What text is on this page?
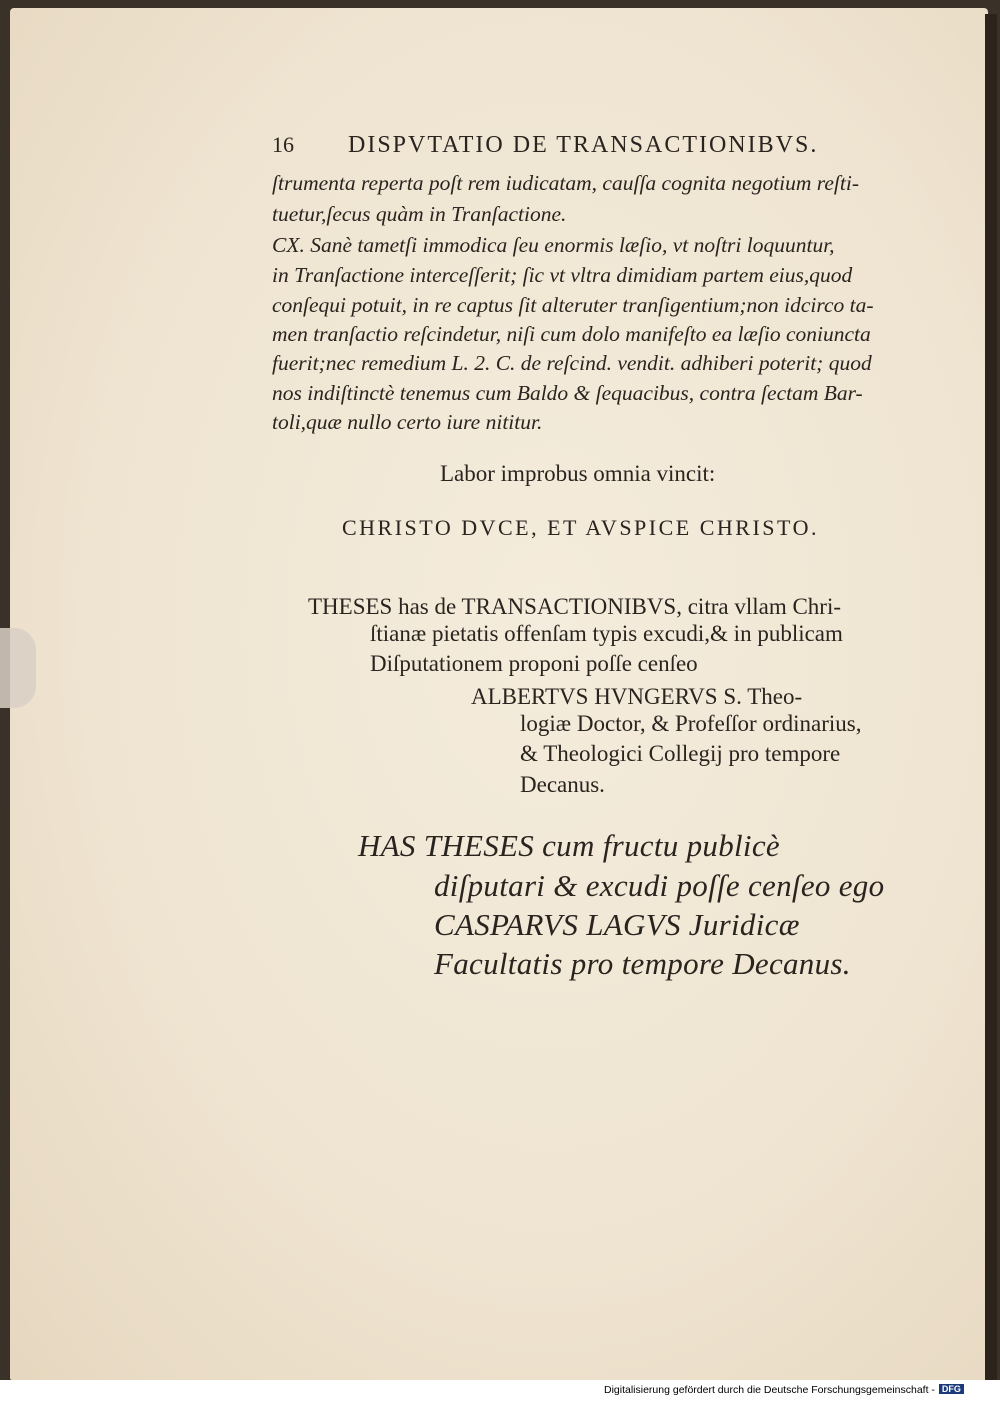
16 DISPVTATIO DE TRANSACTIONIBVS.
ſtrumenta reperta poſt rem iudicatam, cauſſa cognita negotium reſti-
tuetur,ſecus quàm in Tranſactione.
CX. Sanè tametſi immodica ſeu enormis læſio, vt noſtri loquuntur,
in Tranſactione interceſſerit; ſic vt vltra dimidiam partem eius,quod
conſequi potuit, in re captus ſit alteruter tranſigentium;non idcirco ta-
men tranſactio reſcindetur, niſi cum dolo manifeſto ea læſio coniuncta
fuerit;nec remedium L. 2. C. de reſcind. vendit. adhiberi poterit; quod
nos indiſtinctè tenemus cum Baldo & ſequacibus, contra ſectam Bar-
toli,quæ nullo certo iure nititur.
Labor improbus omnia vincit:
CHRISTO DVCE, ET AVSPICE CHRISTO.
THESES has de TRANSACTIONIBVS, citra vllam Chri-
ſtianæ pietatis offenſam typis excudi,& in publicam
Diſputationem proponi poſſe cenſeo
ALBERTVS HVNGERVS S. Theo-
logiæ Doctor, & Profeſſor ordinarius,
& Theologici Collegij pro tempore
Decanus.
HAS THESES cum fructu publicè
diſputari & excudi poſſe cenſeo ego
CASPARVS LAGVS Juridicæ
Facultatis pro tempore Decanus.
Digitalisierung gefördert durch die Deutsche Forschungsgemeinschaft - DFG
